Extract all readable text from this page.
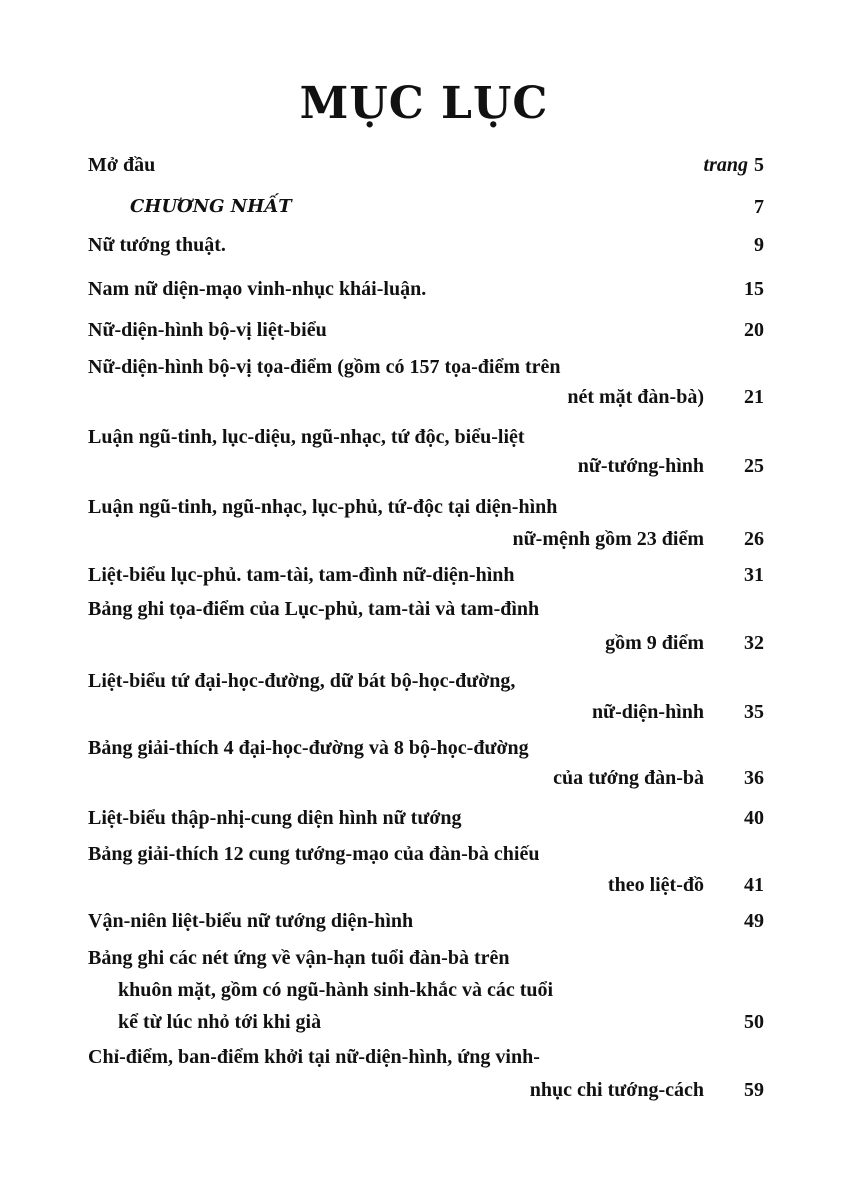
MỤC LỤC
Mở đầu	trang 5
CHƯƠNG NHẤT	7
Nữ tướng thuật.	9
Nam nữ diện-mạo vinh-nhục khái-luận.	15
Nữ-diện-hình bộ-vị liệt-biểu	20
Nữ-diện-hình bộ-vị tọa-điểm (gồm có 157 tọa-điểm trên
nét mặt đàn-bà) 21
Luận ngũ-tinh, lục-diệu, ngũ-nhạc, tứ độc, biểu-liệt
nữ-tướng-hình 25
Luận ngũ-tinh, ngũ-nhạc, lục-phủ, tứ-độc tại diện-hình
nữ-mệnh gồm 23 điểm 26
Liệt-biểu lục-phủ. tam-tài, tam-đình nữ-diện-hình	31
Bảng ghi tọa-điểm của Lục-phủ, tam-tài và tam-đình
gồm 9 điểm 32
Liệt-biểu tứ đại-học-đường, dữ bát bộ-học-đường,
nữ-diện-hình 35
Bảng giải-thích 4 đại-học-đường và 8 bộ-học-đường
của tướng đàn-bà 36
Liệt-biểu thập-nhị-cung diện hình nữ tướng	40
Bảng giải-thích 12 cung tướng-mạo của đàn-bà chiếu
theo liệt-đồ 41
Vận-niên liệt-biểu nữ tướng diện-hình	49
Bảng ghi các nét ứng về vận-hạn tuổi đàn-bà trên
khuôn mặt, gồm có ngũ-hành sinh-khắc và các tuổi
kể từ lúc nhỏ tới khi già	50
Chỉ-điểm, ban-điểm khởi tại nữ-diện-hình, ứng vinh-
nhục chi tướng-cách 59
